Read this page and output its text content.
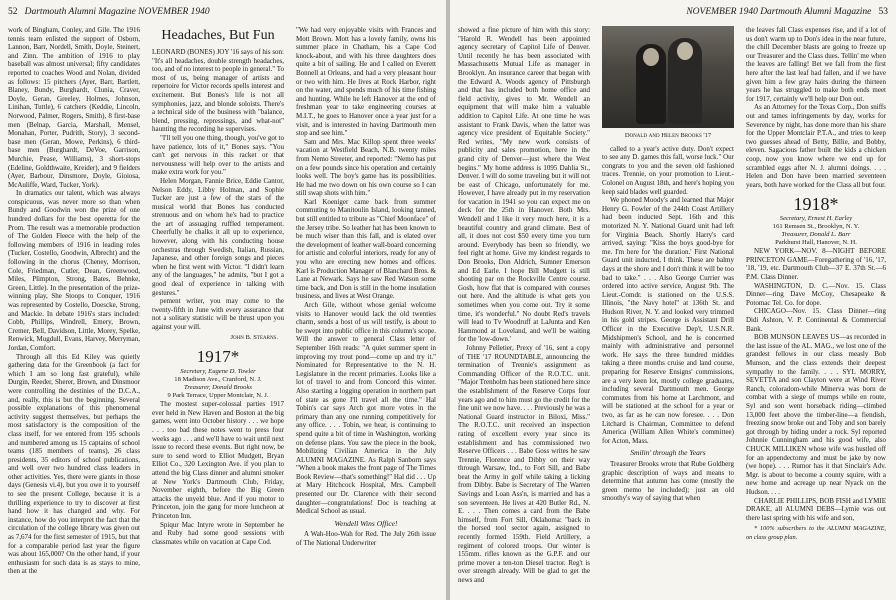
52 Dartmouth Alumni Magazine NOVEMBER 1940

work of Bingham, Conley, and Gile. The 1916 tennis team enlisted the support of Osborn, Lannon, Barr, Nordell, Smith, Doyle, Steinert, and Zinn. The ambition of 1916 to play baseball was almost universal; fifty candidates reported to coaches Wood and Nolan, divided as follows: 15 pitchers (Ayer, Barr, Bartlett, Blaney, Bundy, Burghardt, Clunia, Craver, Doyle, Geran, Greeley, Holmes, Johnson, Linihan, Tuttle), 6 catchers (Keddie, Lincoln, Norwood, Palmer, Rogers, Smith), 8 first-base men (Belnap, Garcia, Marshall, Mensel, Monahan, Porter, Pudrith, Story), 3 second-base men (Geran, Mowe, Perkins), 6 third-base men (Burghardt, DeVoe, Garrison, Murchie, Pease, Williams), 3 short-stops (Edeline, Goldthwaite, Kreider), and 9 fielders (Ayer, Barbour, Dinsmore, Doyle, Gioiosa, McAuliffe, Ward, Tucker, York).

In dramatics our talent, which was always conspicuous, was never more so than when Bundy and Goodwin won the prize of one hundred dollars for the best operetta for the Prom. The result was a memorable production of The Golden Fleece with the help of the following members of 1916 in leading roles (Tucker, Costello, Goodwin, Albrecht) and the following in the chorus (Cheney, Morrison, Cole, Friedman, Cutler, Dean, Greenwood, Miles, Plimpton, Strong, Bates, Behnke, Green, Little). In the presentation of the prize-winning play, She Stoops to Conquer, 1916 was represented by Costello, Doescke, Strong, and Mackie. In debate 1916's stars included: Cobb, Phillips, Windrell, Emery, Brown, Cremer, Bell, Davidson, Little, Morey, Spelke, Renwick, Mugdull, Evans, Harvey, Merryman, Jordan, Comfort.

Through all this Ed Kiley was quietly gathering data for the Greenbook (a fact for which I am so long fast grateful), while Durgin, Reeder, Sherer, Brown, and Dinsmoor were controlling the destinies of the D.C.A., and, really, this is but the beginning. Several possible explanations of this phenomenal activity suggest themselves, but perhaps the most satisfactory is the composition of the class itself, for we entered from 195 schools and numbered among us 15 captains of school teams (185 members of teams), 26 class presidents, 35 editors of school publications, and well over two hundred class leaders in other activities. Yes, there were giants in those days (Genesis vi.4), but you owe it to yourself to see the present College, because it is a thrilling experience to try to discover at first hand how it has changed and why. For instance, how do you interpret the fact that the circulation of the college library was given out as 7,674 for the first semester of 1915, but that for a comparable period last year the figure was about 165,000? On the other hand, if your enthusiasm for such data is as stays to mine, then at the

Headaches, But Fun

LEONARD (BONES) JOY '16 says of his son: "It's all headaches, double strength headaches, too, and of no interest to people in general." To most of us, being manager of artists and repertoire for Victor records spells interest and excitement. But Bones's life is not all symphonies, jazz, and blonde soloists. There's a technical side of the business with "balance, blend, pressing, repressings, and what-not" haunting the recording he supervises.

"I'll tell you one thing, though, you've got to have patience, lots of it," Bones says. "You can't get nervous in this racket or that nervousness will help over to the artists and make extra work for you."

Helen Morgan, Fannie Brice, Eddie Cantor, Nelson Eddy, Libby Holman, and Sophie Tucker are just a few of the stars of the musical world that Bones has conducted strenuous and on whom he's had to practice the art of assuaging ruffled temperament. Cheerfully he chalks it all up to experience, however, along with his conducting house orchestras through Swedish, Italian, Russian, Japanese, and other foreign songs and pieces when he first went with Victor. "I didn't learn any of the languages," he admits, "but I got a good deal of experience in talking with gestures."

pement writer, you may come to the twenty-fifth in June with every assurance that not a solitary statistic will be thrust upon you against your will.

John B. Stearns.
1917*
Secretary, Eugene D. Towler
18 Madison Ave., Cranford, N. J.
Treasurer, Donald Brooks
9 Park Terrace, Upper Montclair, N. J.

The mostest super-colossal parties 1917 ever held in New Haven and Boston at the big games, went into October history . . . we hope . . . too bad these notes went to press four weeks ago . . . and we'll have to wait until next issue to record these events. But right now, be sure to send word to Elliot Mudgett, Bryan Elliot Co., 320 Lexington Ave. if you plan to attend the big Class dinner and alumni smoker at New York's Dartmouth Club, Friday, November eighth, before the Big Green attacks the unyeld blue. And if you motor to Princeton, join the gang for more luncheon at Princeton Inn.

Spiqur Mac Intyre wrote in September he and Ruby had some good sessions with classmates while on vacation at Cape Cod.

"We had very enjoyable visits with Frances and Mott Brown. Mott has a lovely family, owns his summer place in Chatham, his a Cape Cod knock-about, and with his three daughters does quite a bit of sailing. He and I called on Everett Bonnell at Orleans, and had a very pleasant hour or two with him. He lives at Rock Harbor, right on the water, and spends much of his time fishing and hunting. While he left Hanover at the end of freshman year to take engineering courses at M.I.T., he goes to Hanover once a year just for a visit, and is interested in having Dartmouth men stop and see him."

Sam and Mrs. Mac Killop spent three weeks' vacation at Westfield Beach, N.B. twenty miles from Nemo Streeter, and reported: "Nemo has put on a few pounds since his operation and certainly looks well. The boy's game has its possibilities. He had me two down on his own course so I can still swap shots with him."

Karl Koeniger came back from summer commuting to Manitoulin Island, looking tanned, but still entitled to tribute as "Chief Moonface" of the Jersey tribe. So leather hat has been known to be much wiser than this fall, and is elated over the development of leather wall-board concerning for artistic and colorful interiors, ready for any of you who are erecting new homes and offices. Karl is Production Manager of Blanchard Bros. & Lane at Newark. Says he saw Red Watson some time back, and Don is still in the home insulation business, and lives at West Orange.

Arch Gile, without whose genial welcome visits to Hanover would lack the old twenties charm, sends a host of us will testify, is about to be swept into public office in this column's scope. Will the answer to general Class letter of September 16th reads: "A quiet summer spent in improving my trout pond—come up and try it." Nominated for Representative to the N. H. Legislature in the recent primaries. Looks like a lot of travel to and from Concord this winter. Also starting a logging operation in northern part of state as gone I'll travel all the time." Hal Tobin's car says Arch got more votes in the primary than any one running competitively for any office. . . . Tobin, we hear, is continuing to spend quite a bit of time in Washington, working on defense plans. You saw the piece in the book, Mobilizing Civilian America in the July ALUMNI MAGAZINE. As Ralph Sanborn says "When a book makes the front page of The Times Book Review—that's something!" Hal did . . . Up at Mary Hitchcock Hospital, Mrs. Campbell presented our Dr. Clarence with their second daughter—congratulations! Doc is teaching at Medical School as usual.

Wendell Wins Office!

A Wah-Hoo-Wah for Red. The July 26th issue of The National Underwriter

NOVEMBER 1940 Dartmouth Alumni Magazine 53

showed a fine picture of him with this story: "Harold R. Wendell has been appointed agency secretary of Capitol Life of Denver. Until recently he has been associated with Massachusetts Mutual Life as manager in Brooklyn. An insurance career that began with the Edward A. Woods agency of Pittsburgh and that has included both home office and field activity, gives to Mr. Wendell an equipment that will make him a valuable addition to Capitol Life. At one time he was assistant to Frank Davis, when the latter was agency vice president of Equitable Society." Red writes, "My new work consists of publicity and sales promotion, here in the grand city of Denver—just where the West begins." My home address is 1095 Dahlia St., Denver. I will do some traveling but it will not be east of Chicago, unfortunately for me. However, I have already put in my reservation for vacation in 1941 so you can expect me on deck for the 25th in Hanover. Both Mrs. Wendell and I like it very much here, it is a beautiful country and grand climate. Best of all, it does not cost $50 every time you turn around. Everybody has been so friendly, we feel right at home. Give my kindest regards to Don Brooks, Don Aldrich, Sumner Emerson and Ed Earle. I hope Bill Mudgett is still shooting par on the Rockville Centre course. Gosh, how flat that is compared with courses out here. And the altitude is what gets you sometimes when you come out. Try it some time, it's wonderful." No doubt Red's travels will lead to Tv Woodruff at LaJunta and Ken Hammond at Loveland, and we'll be waiting for the 'low-down.'

Johnny Pelletier, Prexy of '16, sent a copy of THE '17 ROUNDTABLE, announcing the termination of Trennie's assignment as Commanding Officer of the R.O.T.C. unit. "Major Trenholm has been stationed here since the establishment of the Reserve Corps four years ago and to him must go the credit for the fine unit we now have. . . . Previously he was a National Guard instructor in Biloxi, Miss." The R.O.T.C. unit received an inspection rating of excellent every year since its establishment and has commissioned two Reserve Officers . . . Babe Goss writes he saw Trennie, Florence and Dibby on their way through Warsaw, Ind., to Fort Sill, and Babe beat the Army in golf while taking a licking from Dibby. Babe is Secretary of The Warren Savings and Loan Ass'n, is married and has a son seventeen. He lives at 420 Butler Rd., N. E. . . . Then comes a card from the Babe himself, from Fort Sill, Oklahoma: "back in the horsed tool sector again, assigned to recently formed 159th. Field Artillery, a regiment of colored troops. Our winter is 155mm. rifles known as the G.P.F. and our prime mover a ten-ton Diesel tractor. Reg't is over strength already. Will be glad to get the news and

Donald and Helen Brooks '17

called to a year's active duty. Don't expect to see any D. games this fall, worse luck." Our congrats to you and the seven old fashioned traces. Trennie, on your promotion to Lieut.-Colonel on August 18th, and here's hoping you keep said blades well guarded.

We phoned Moody's and learned that Major Henry G. Fowler of the 244th Coast Artillery had been inducted Sept. 16th and this motorized N. Y. National Guard unit had left for Virginia Beach. Shortly Harry's card arrived, saying: "Kiss the boys good-bye for me. I'm here for 'the duration.' First National Guard unit inducted, I think. These are balmy days at the shore and I don't think it will be too bad to take." . . . Also George Currier was ordered into active service, August 9th. The Lieut.-Comdr. is stationed on the U.S.S. Illinois, "the Navy hotel" at 136th St. and Hudson River, N. Y. and looked very trimmed in his gold stripes. George is Assistant Drill Officer in the Executive Dep't, U.S.N.R. Midshipmen's School, and he is concerned mainly with administrative and personnel work. He says the three hundred middies taking a three months cruise and land course, preparing for Reserve Ensigns' commissions, are a very keen lot, mostly college graduates, including several Dartmouth men. George commutes from his home at Larchmont, and will be stationed at the school for a year or two, as far as he can now foresee. . . . Don Litchard is Chairman, Committee to defend America (William Allen White's committee) for Acton, Mass.

Smilin' through the Years

Treasurer Brooks wrote that Rube Goldberg graphic description of ways and means to determine that autumn has come (mostly the green memo he included); just an old smoothy's way of saying that when

the leaves fall Class expenses rise, and if a lot of us don't warm up to Don's idea in the near future, the chill December blasts are going to freeze up our Treasurer and the Class dues. Tellin' me when the leaves are falling! Bet we fall from the first here after the last leaf had fallen, and if we have given him a few gray hairs during the thirteen years he has struggled to make both ends meet for 1917, certainly we'll help our Don out.

As an Attorney for the Texas Corp., Don sniffs out and tames infringements by day, works for Severence by night, has done more than his share for the Upper Montclair P.T.A., and tries to keep two guesses ahead of Betty, Billie, and Bobby, eleven. Sagacious father built the kids a chicken coop, now you know where we end up for scrambled eggs after N. J. alumni doings. . . . Helen and Don have been married seventeen years, both have worked for the Class all but four.

1918*
Secretary, Ernest H. Earley
161 Remsen St., Brooklyn, N. Y.
Treasurer, Donald L. Barr
Parkhurst Hall, Hanover, N. H.

NEW YORK—NOV. 8—NIGHT BEFORE PRINCETON GAME—Foregathering of '16, '17, '18, '19, etc. Dartmouth Club—37 E. 37th St.—6 P.M. Class Dinner.

WASHINGTON, D. C.—Nov. 15. Class Dinner—ring Dave McCoy, Chesapeake & Potomac Tel. Co. for dope.

CHICAGO—Nov. 15. Class Dinner—ring Didi Ashton, V. P. Continental & Commercial Bank.

BOB MUNSON LEAVES US—as recorded in the last issue of the AL. MAG., we lost one of the grandest fellows in our class measly Bob Munson, and the class extends their deepest sympathy to the family. . . . SYL MORRY, SEVETTA and son Clayton were at Wind River Ranch, coloradom-while Minerva was born de combat with a siege of mumps while en route, Syl and son went horseback riding—climbed 13,000 feet above the timber-line—a fiendish, freezing snow broke out and Toby and son barely got through by hiding under a rock. Syl reported Johnnie Cunningham and his good wife, also CHUCK MILLIKEN whose wife was hustled off for an appendectomy and must be jake by now (we hope). . . . Rumor has it that Sinclair's Adv. Mgr. is about to become a county squire, with a new home and acreage up near Nyack on the Hudson. . . .

CHARLIE PHILLIPS, BOB FISH and LYMIE DRAKE, all ALUMNI DEBS—Lymie was out there last spring with his wife and son,

* 100% subscribers to the ALUMNI MAGAZINE, on class group plan.
